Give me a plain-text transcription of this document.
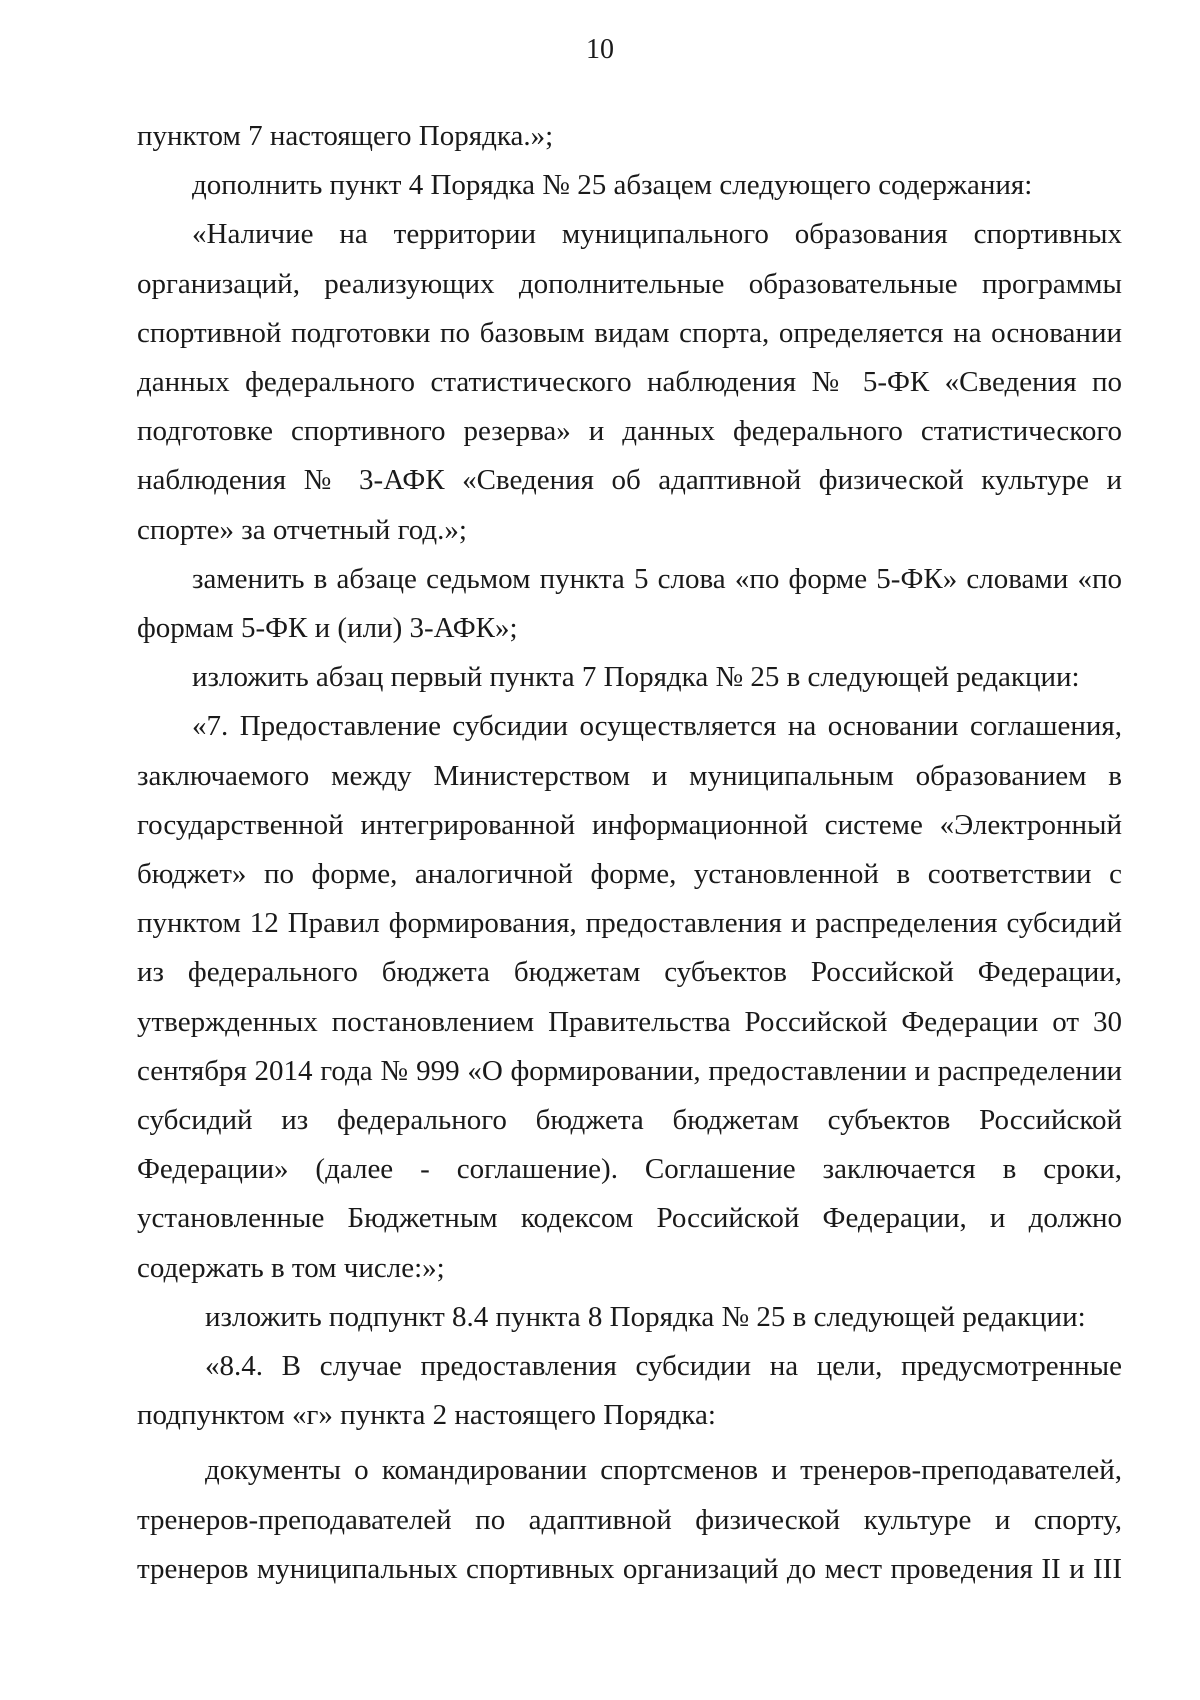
10

пунктом 7 настоящего Порядка.»;

дополнить пункт 4 Порядка № 25 абзацем следующего содержания:

«Наличие на территории муниципального образования спортивных организаций, реализующих дополнительные образовательные программы спортивной подготовки по базовым видам спорта, определяется на основании данных федерального статистического наблюдения № 5-ФК «Сведения по подготовке спортивного резерва» и данных федерального статистического наблюдения № 3-АФК «Сведения об адаптивной физической культуре и спорте» за отчетный год.»;

заменить в абзаце седьмом пункта 5 слова «по форме 5-ФК» словами «по формам 5-ФК и (или) 3-АФК»;

изложить абзац первый пункта 7 Порядка № 25 в следующей редакции:

«7. Предоставление субсидии осуществляется на основании соглашения, заключаемого между Министерством и муниципальным образованием в государственной интегрированной информационной системе «Электронный бюджет» по форме, аналогичной форме, установленной в соответствии с пунктом 12 Правил формирования, предоставления и распределения субсидий из федерального бюджета бюджетам субъектов Российской Федерации, утвержденных постановлением Правительства Российской Федерации от 30 сентября 2014 года № 999 «О формировании, предоставлении и распределении субсидий из федерального бюджета бюджетам субъектов Российской Федерации» (далее - соглашение). Соглашение заключается в сроки, установленные Бюджетным кодексом Российской Федерации, и должно содержать в том числе:»;

изложить подпункт 8.4 пункта 8 Порядка № 25 в следующей редакции:

«8.4. В случае предоставления субсидии на цели, предусмотренные подпунктом «г» пункта 2 настоящего Порядка:

документы о командировании спортсменов и тренеров-преподавателей, тренеров-преподавателей по адаптивной физической культуре и спорту, тренеров муниципальных спортивных организаций до мест проведения II и III
